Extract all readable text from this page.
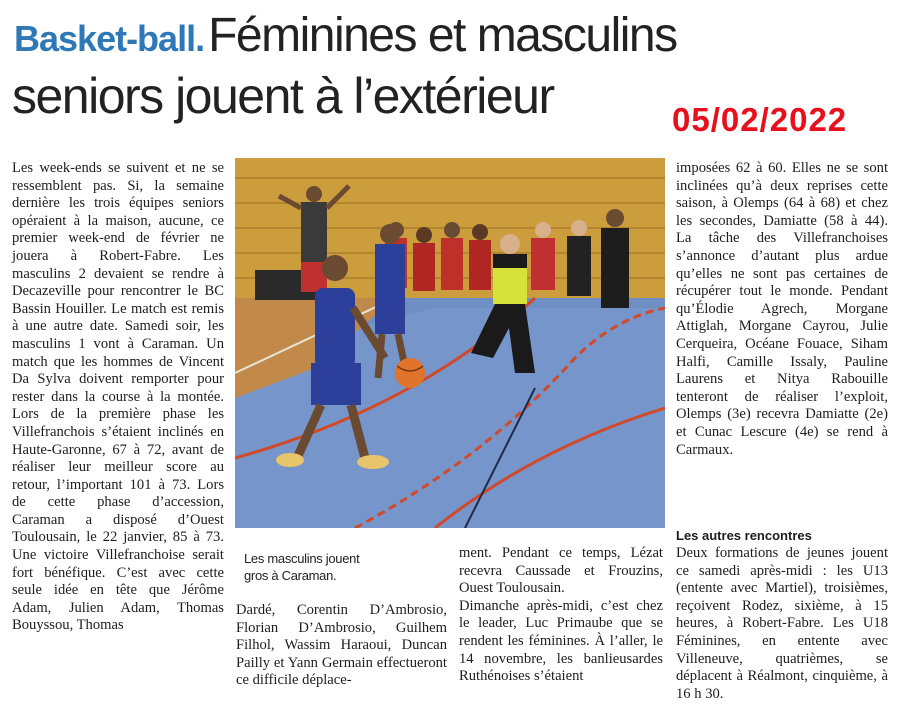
Basket-ball. Féminines et masculins
seniors jouent à l’extérieur	05/02/2022

Les week-ends se suivent et ne se ressemblent pas. Si, la semaine dernière les trois équipes seniors opéraient à la maison, aucune, ce premier week-end de février ne jouera à Robert-Fabre. Les masculins 2 devaient se rendre à Decazeville pour rencontrer le BC Bassin Houiller. Le match est remis à une autre date. Samedi soir, les masculins 1 vont à Caraman. Un match que les hommes de Vincent Da Sylva doivent remporter pour rester dans la course à la montée. Lors de la première phase les Villefranchois s’étaient inclinés en Haute-Garonne, 67 à 72, avant de réaliser leur meilleur score au retour, l’important 101 à 73. Lors de cette phase d’accession, Caraman a disposé d’Ouest Toulousain, le 22 janvier, 85 à 73. Une victoire Villefranchoise serait fort bénéfique. C’est avec cette seule idée en tête que Jérôme Adam, Julien Adam, Thomas Bouyssou, Thomas

Les masculins jouent
gros à Caraman.

Dardé, Corentin D’Ambrosio, Florian D’Ambrosio, Guilhem Filhol, Wassim Haraoui, Duncan Pailly et Yann Germain effectueront ce difficile déplace-

ment. Pendant ce temps, Lézat recevra Caussade et Frouzins, Ouest Toulousain.

Dimanche après-midi, c’est chez le leader, Luc Primaube que se rendent les féminines. À l’aller, le 14 novembre, les banlieusardes Ruthénoises s’étaient

imposées 62 à 60. Elles ne se sont inclinées qu’à deux reprises cette saison, à Olemps (64 à 68) et chez les secondes, Damiatte (58 à 44). La tâche des Villefranchoises s’annonce d’autant plus ardue qu’elles ne sont pas certaines de récupérer tout le monde. Pendant qu’Élodie Agrech, Morgane Attiglah, Morgane Cayrou, Julie Cerqueira, Océane Fouace, Siham Halfi, Camille Issaly, Pauline Laurens et Nitya Rabouille tenteront de réaliser l’exploit, Olemps (3e) recevra Damiatte (2e) et Cunac Lescure (4e) se rend à Carmaux.

Les autres rencontres

Deux formations de jeunes jouent ce samedi après-midi : les U13 (entente avec Martiel), troisièmes, reçoivent Rodez, sixième, à 15 heures, à Robert-Fabre. Les U18 Féminines, en entente avec Villeneuve, quatrièmes, se déplacent à Réalmont, cinquième, à 16 h 30.
